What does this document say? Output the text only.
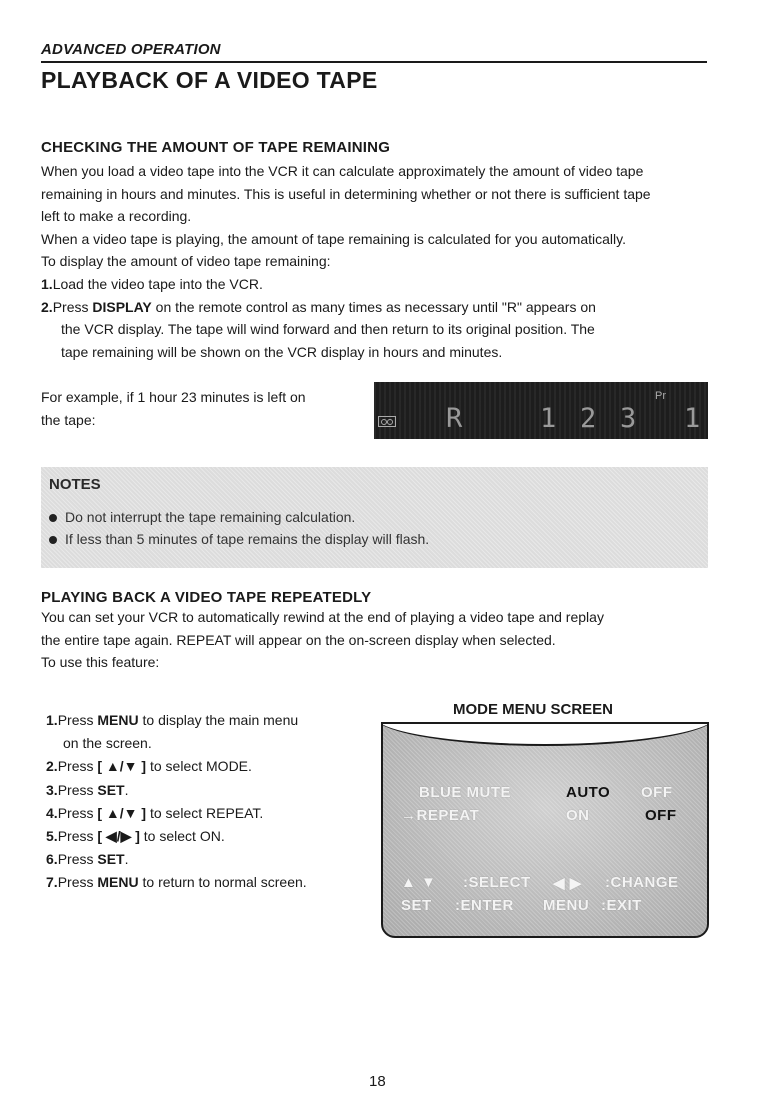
ADVANCED OPERATION
PLAYBACK OF A VIDEO TAPE
CHECKING THE AMOUNT OF TAPE REMAINING

When you load a video tape into the VCR it can calculate approximately the amount of video tape

remaining in hours and minutes. This is useful in determining whether or not there is sufficient tape

left to make a recording.

When a video tape is playing, the amount of tape remaining is calculated for you automatically.

To display the amount of video tape remaining:

1.Load the video tape into the VCR.

2.Press DISPLAY on the remote control as many times as necessary until "R" appears on

the VCR display. The tape will wind forward and then return to its original position. The

tape remaining will be shown on the VCR display in hours and minutes.

For example, if 1 hour 23 minutes is left on

the tape:

Pr
R	1 2 3 1
NOTES
Do not interrupt the tape remaining calculation.
If less than 5 minutes of tape remains the display will flash.
PLAYING BACK A VIDEO TAPE REPEATEDLY

You can set your VCR to automatically rewind at the end of playing a video tape and replay

the entire tape again. REPEAT will appear on the on-screen display when selected.

To use this feature:

1.Press MENU to display the main menu

on the screen.

2.Press [ ▲/▼ ] to select MODE.

3.Press SET.

4.Press [ ▲/▼ ] to select REPEAT.

5.Press [ ◀/▶ ] to select ON.

6.Press SET.

7.Press MENU to return to normal screen.

MODE MENU SCREEN
BLUE MUTE	AUTO OFF
→REPEAT	ON	OFF
▲ ▼ :SELECT ◀ ▶ :CHANGE
SET :ENTER MENU :EXIT
18
